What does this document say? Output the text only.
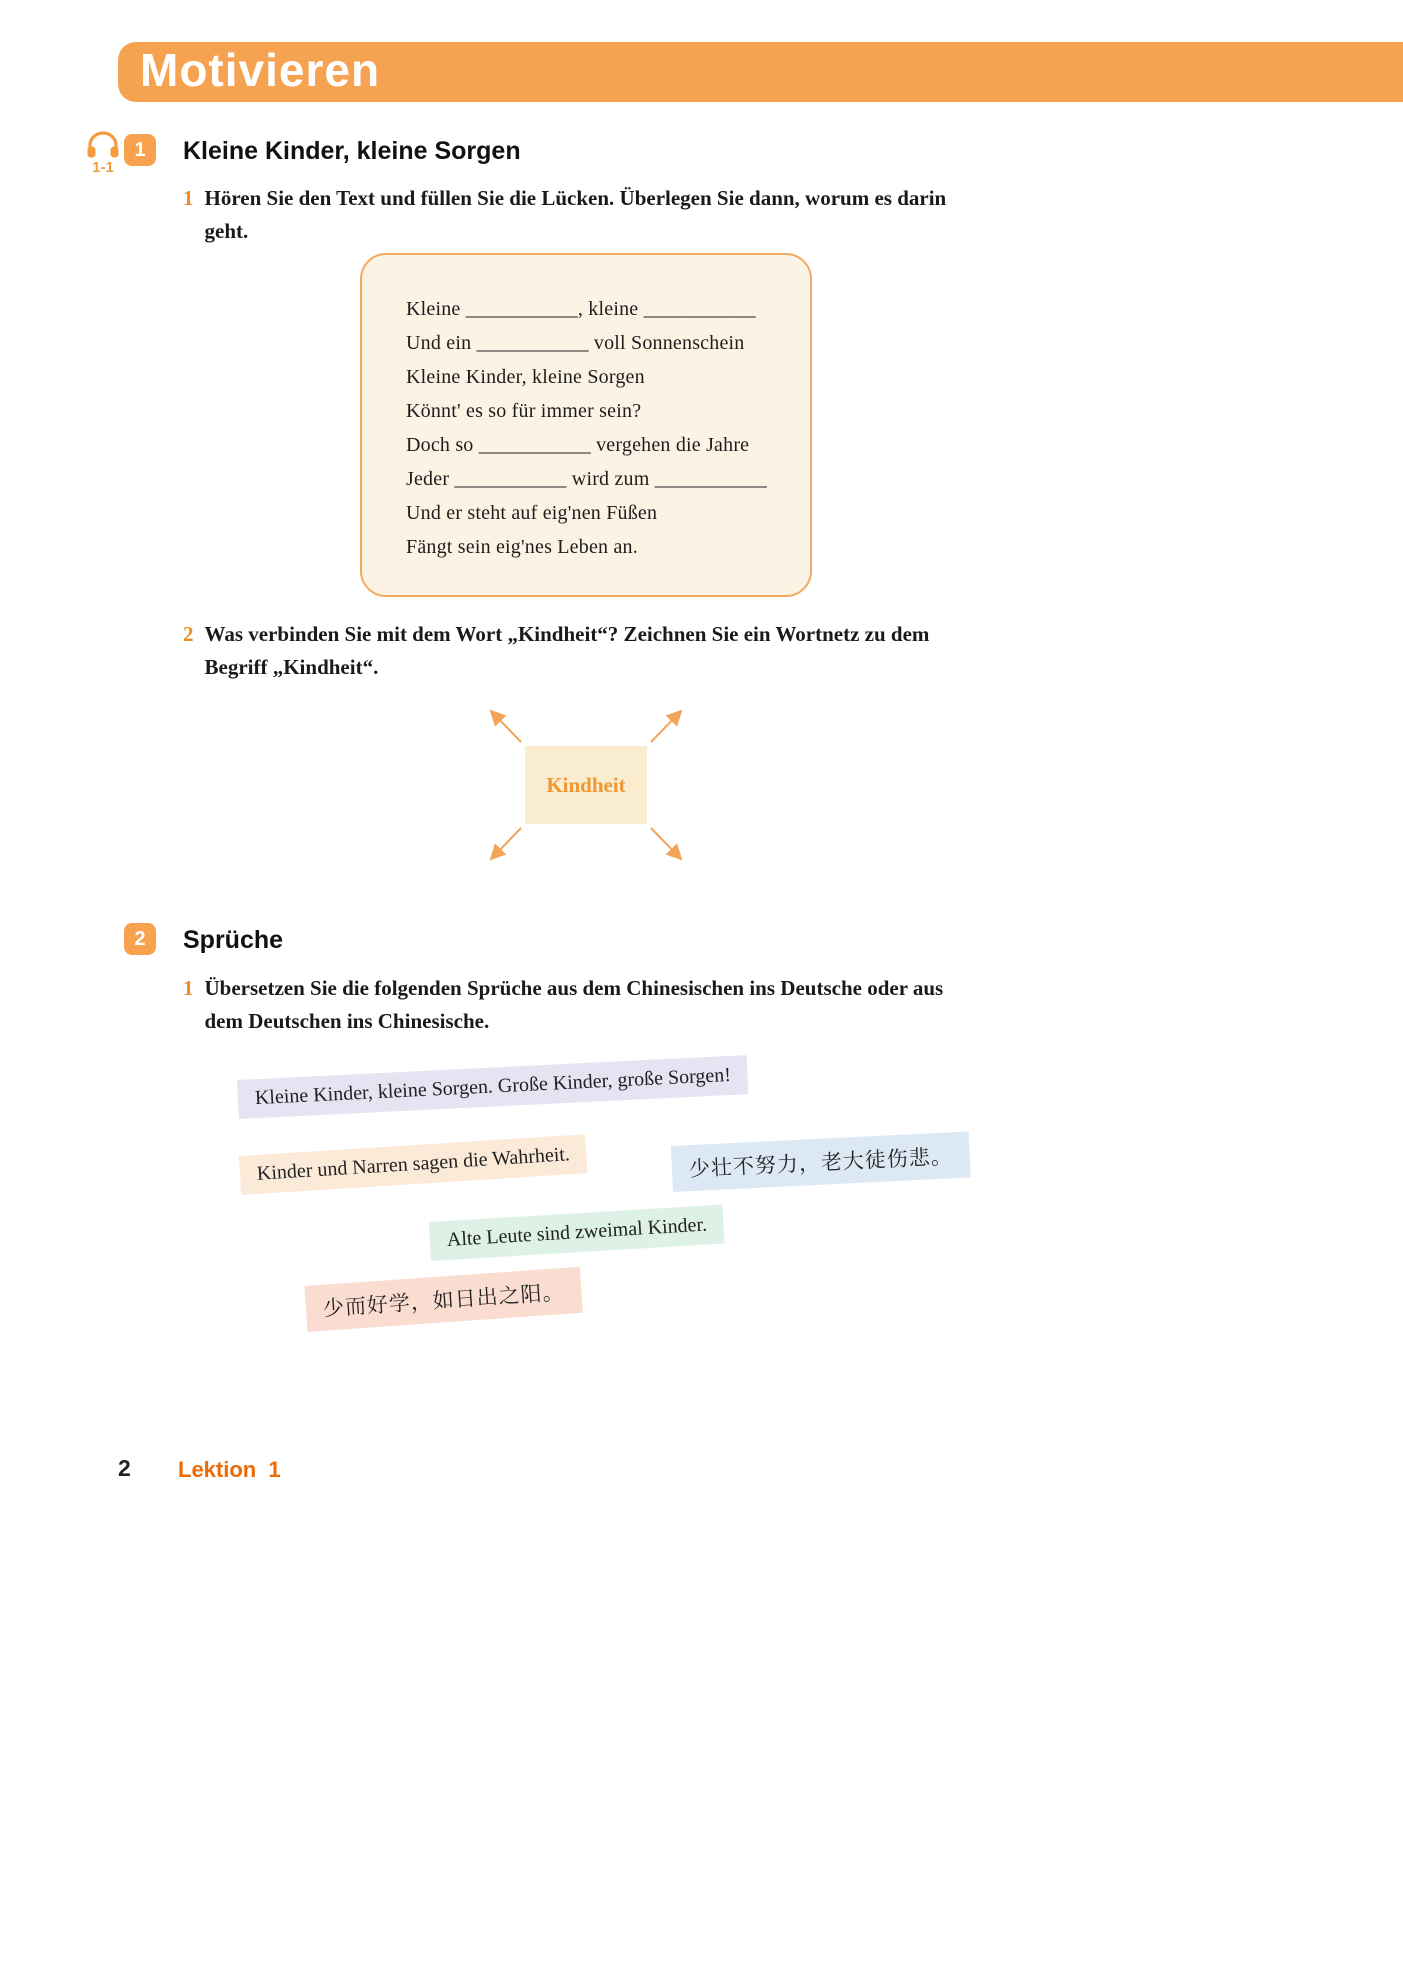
Motivieren
1-1
1	Kleine Kinder, kleine Sorgen
1 Hören Sie den Text und füllen Sie die Lücken. Überlegen Sie dann, worum es darin geht.
Kleine ___________, kleine ___________
Und ein ___________ voll Sonnenschein
Kleine Kinder, kleine Sorgen
Könnt' es so für immer sein?
Doch so ___________ vergehen die Jahre
Jeder ___________ wird zum ___________
Und er steht auf eig'nen Füßen
Fängt sein eig'nes Leben an.
2 Was verbinden Sie mit dem Wort „Kindheit“? Zeichnen Sie ein Wortnetz zu dem Begriff „Kindheit“.
Kindheit
2	Sprüche
1 Übersetzen Sie die folgenden Sprüche aus dem Chinesischen ins Deutsche oder aus dem Deutschen ins Chinesische.
Kleine Kinder, kleine Sorgen. Große Kinder, große Sorgen!
Kinder und Narren sagen die Wahrheit.	少壮不努力，老大徒伤悲。
Alte Leute sind zweimal Kinder.
少而好学，如日出之阳。
2 Lektion 1
